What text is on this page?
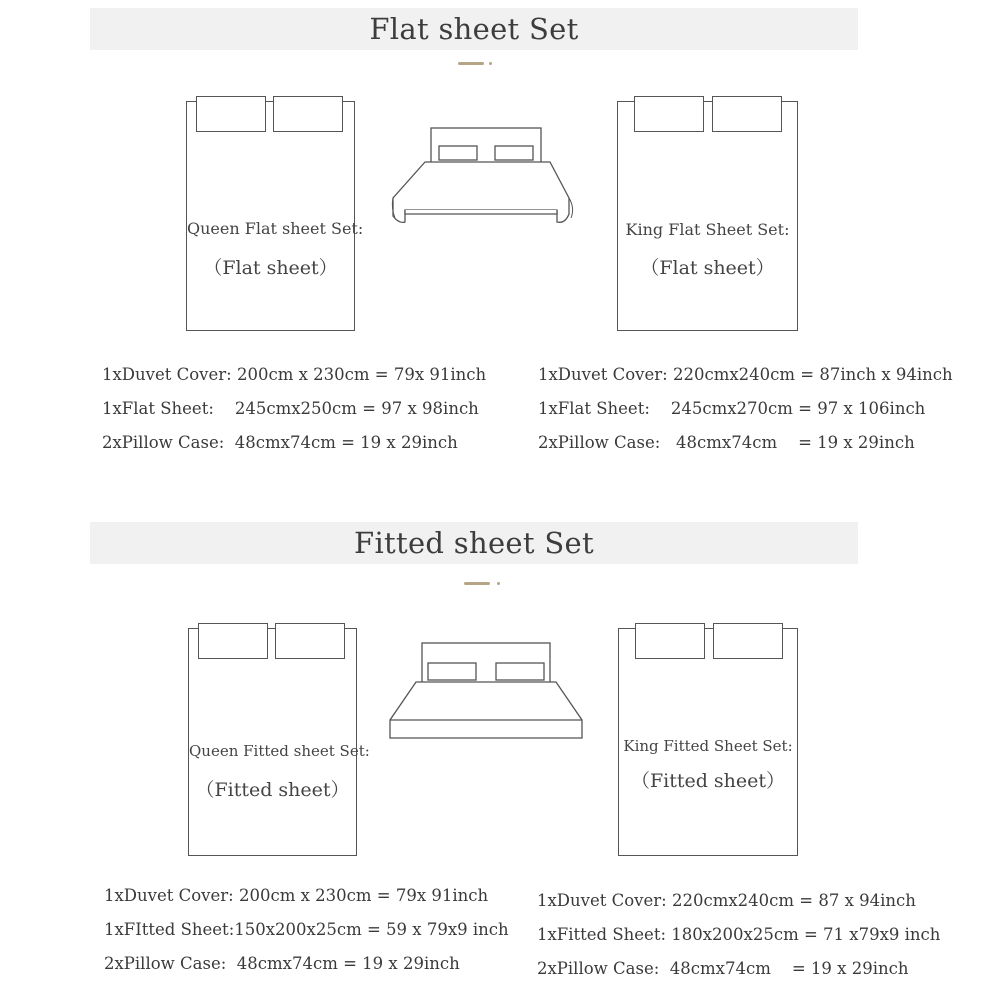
Flat sheet Set
Queen Flat sheet Set:
（Flat sheet）
King Flat Sheet Set:
（Flat sheet）
1xDuvet Cover: 200cm x 230cm = 79x 91inch
1xFlat Sheet:    245cmx250cm = 97 x 98inch
2xPillow Case:  48cmx74cm = 19 x 29inch
1xDuvet Cover: 220cmx240cm = 87inch x 94inch
1xFlat Sheet:    245cmx270cm = 97 x 106inch
2xPillow Case:   48cmx74cm    = 19 x 29inch
Fitted sheet Set
Queen Fitted sheet Set:
（Fitted sheet）
King Fitted Sheet Set:
（Fitted sheet）
1xDuvet Cover: 200cm x 230cm = 79x 91inch
1xFItted Sheet:150x200x25cm = 59 x 79x9 inch
2xPillow Case:  48cmx74cm = 19 x 29inch
1xDuvet Cover: 220cmx240cm = 87 x 94inch
1xFitted Sheet: 180x200x25cm = 71 x79x9 inch
2xPillow Case:  48cmx74cm    = 19 x 29inch
